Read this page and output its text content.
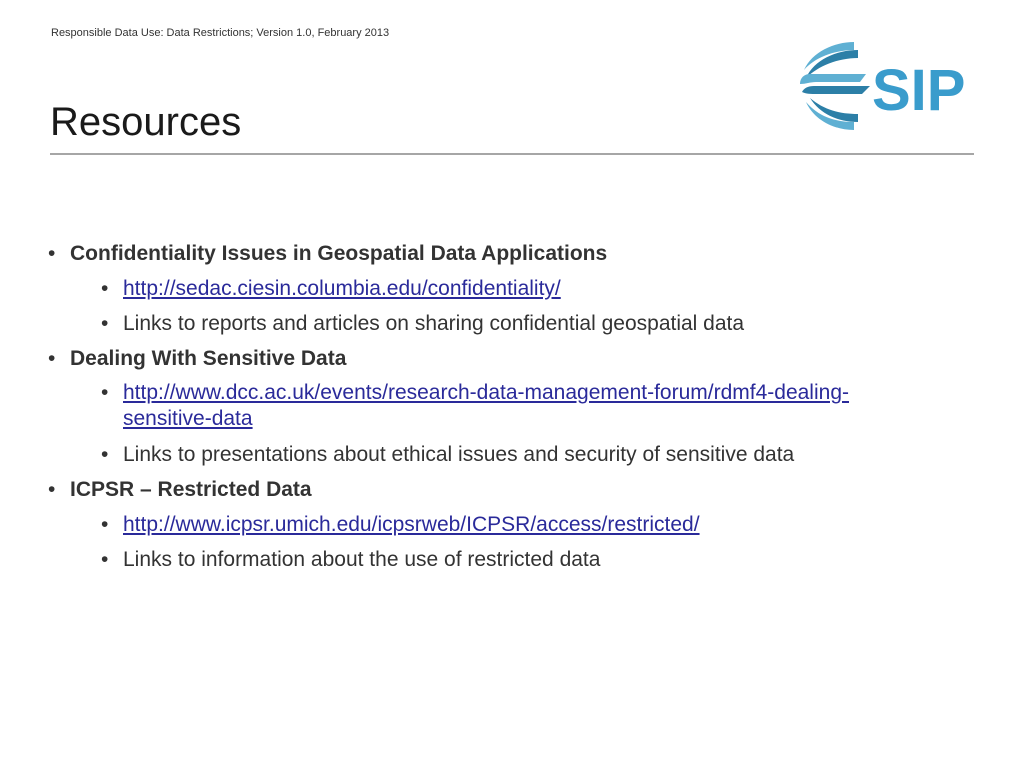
Responsible Data Use: Data Restrictions; Version 1.0, February 2013
SIP
Resources
• Confidentiality Issues in Geospatial Data Applications
• http://sedac.ciesin.columbia.edu/confidentiality/
• Links to reports and articles on sharing confidential geospatial data
• Dealing With Sensitive Data
• http://www.dcc.ac.uk/events/research-data-management-forum/rdmf4-dealing-
sensitive-data
• Links to presentations about ethical issues and security of sensitive data
• ICPSR – Restricted Data
• http://www.icpsr.umich.edu/icpsrweb/ICPSR/access/restricted/
• Links to information about the use of restricted data
